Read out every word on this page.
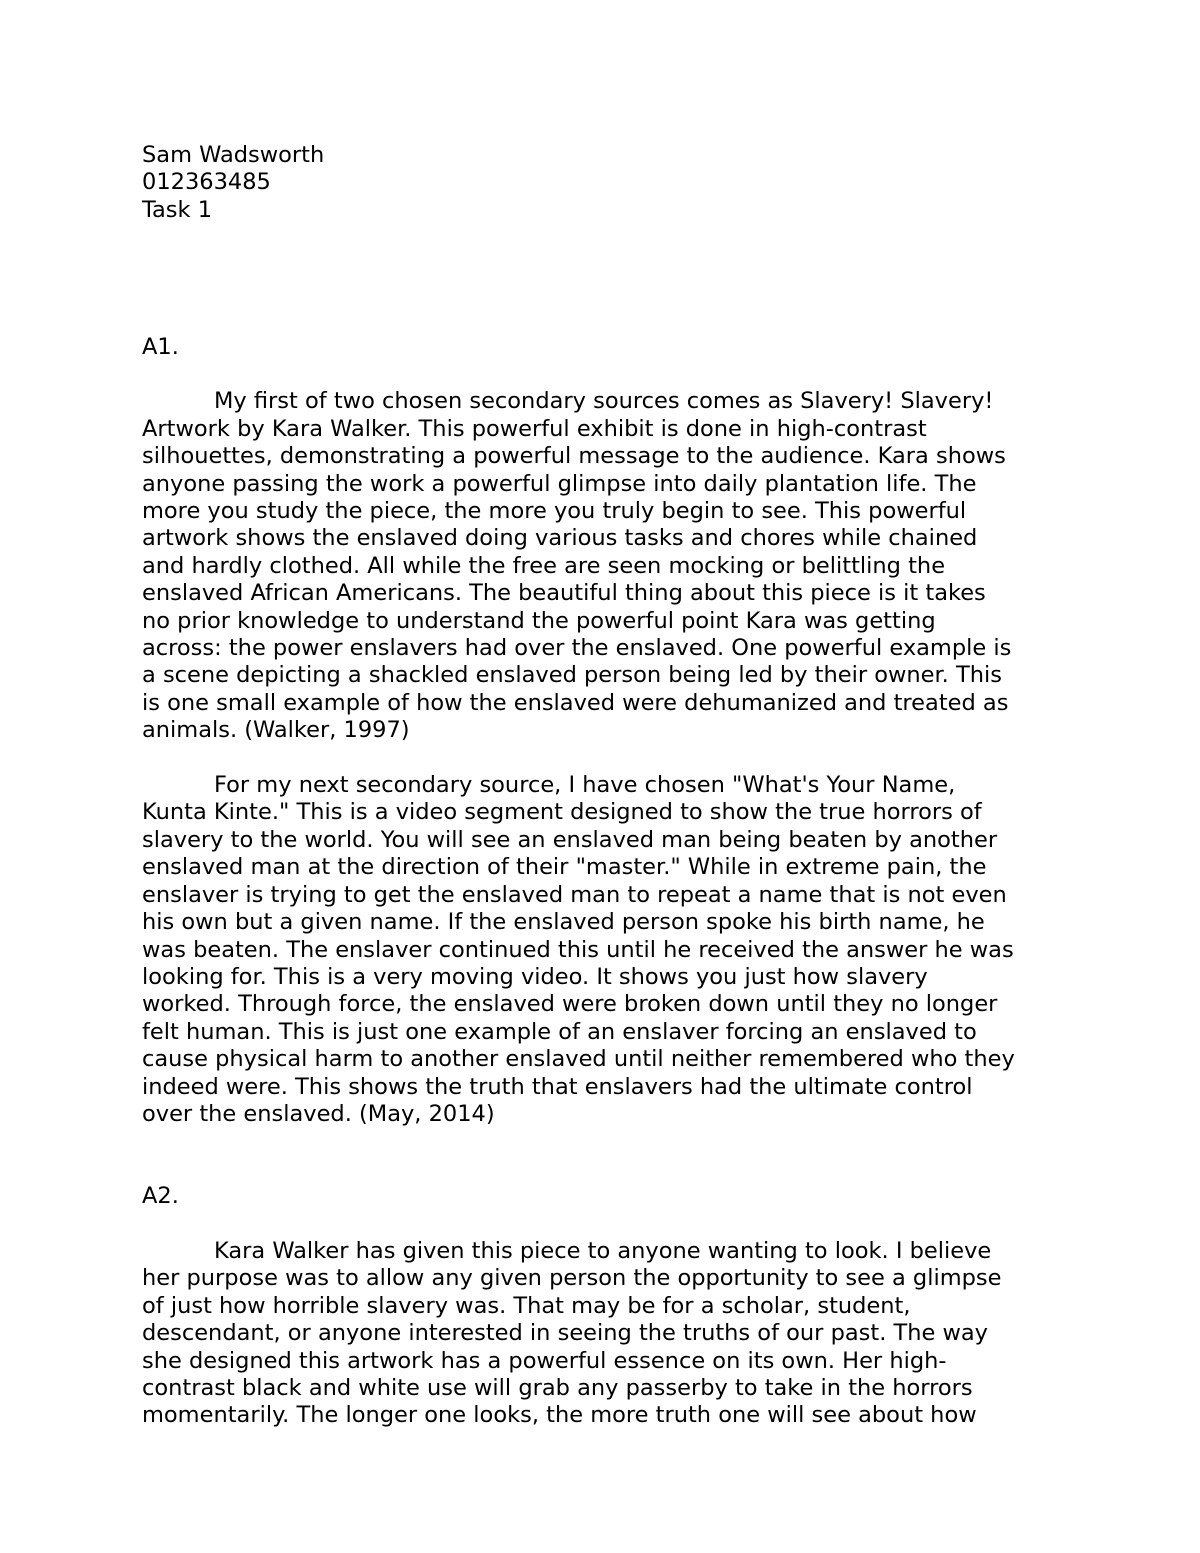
Sam Wadsworth

012363485

Task 1

A1.

My first of two chosen secondary sources comes as Slavery! Slavery!
Artwork by Kara Walker. This powerful exhibit is done in high-contrast
silhouettes, demonstrating a powerful message to the audience. Kara shows
anyone passing the work a powerful glimpse into daily plantation life. The
more you study the piece, the more you truly begin to see. This powerful
artwork shows the enslaved doing various tasks and chores while chained
and hardly clothed. All while the free are seen mocking or belittling the
enslaved African Americans. The beautiful thing about this piece is it takes
no prior knowledge to understand the powerful point Kara was getting
across: the power enslavers had over the enslaved. One powerful example is
a scene depicting a shackled enslaved person being led by their owner. This
is one small example of how the enslaved were dehumanized and treated as
animals. (Walker, 1997)

For my next secondary source, I have chosen "What's Your Name,
Kunta Kinte." This is a video segment designed to show the true horrors of
slavery to the world. You will see an enslaved man being beaten by another
enslaved man at the direction of their "master." While in extreme pain, the
enslaver is trying to get the enslaved man to repeat a name that is not even
his own but a given name. If the enslaved person spoke his birth name, he
was beaten. The enslaver continued this until he received the answer he was
looking for. This is a very moving video. It shows you just how slavery
worked. Through force, the enslaved were broken down until they no longer
felt human. This is just one example of an enslaver forcing an enslaved to
cause physical harm to another enslaved until neither remembered who they
indeed were. This shows the truth that enslavers had the ultimate control
over the enslaved. (May, 2014)

A2.

Kara Walker has given this piece to anyone wanting to look. I believe
her purpose was to allow any given person the opportunity to see a glimpse
of just how horrible slavery was. That may be for a scholar, student,
descendant, or anyone interested in seeing the truths of our past. The way
she designed this artwork has a powerful essence on its own. Her high-
contrast black and white use will grab any passerby to take in the horrors
momentarily. The longer one looks, the more truth one will see about how
